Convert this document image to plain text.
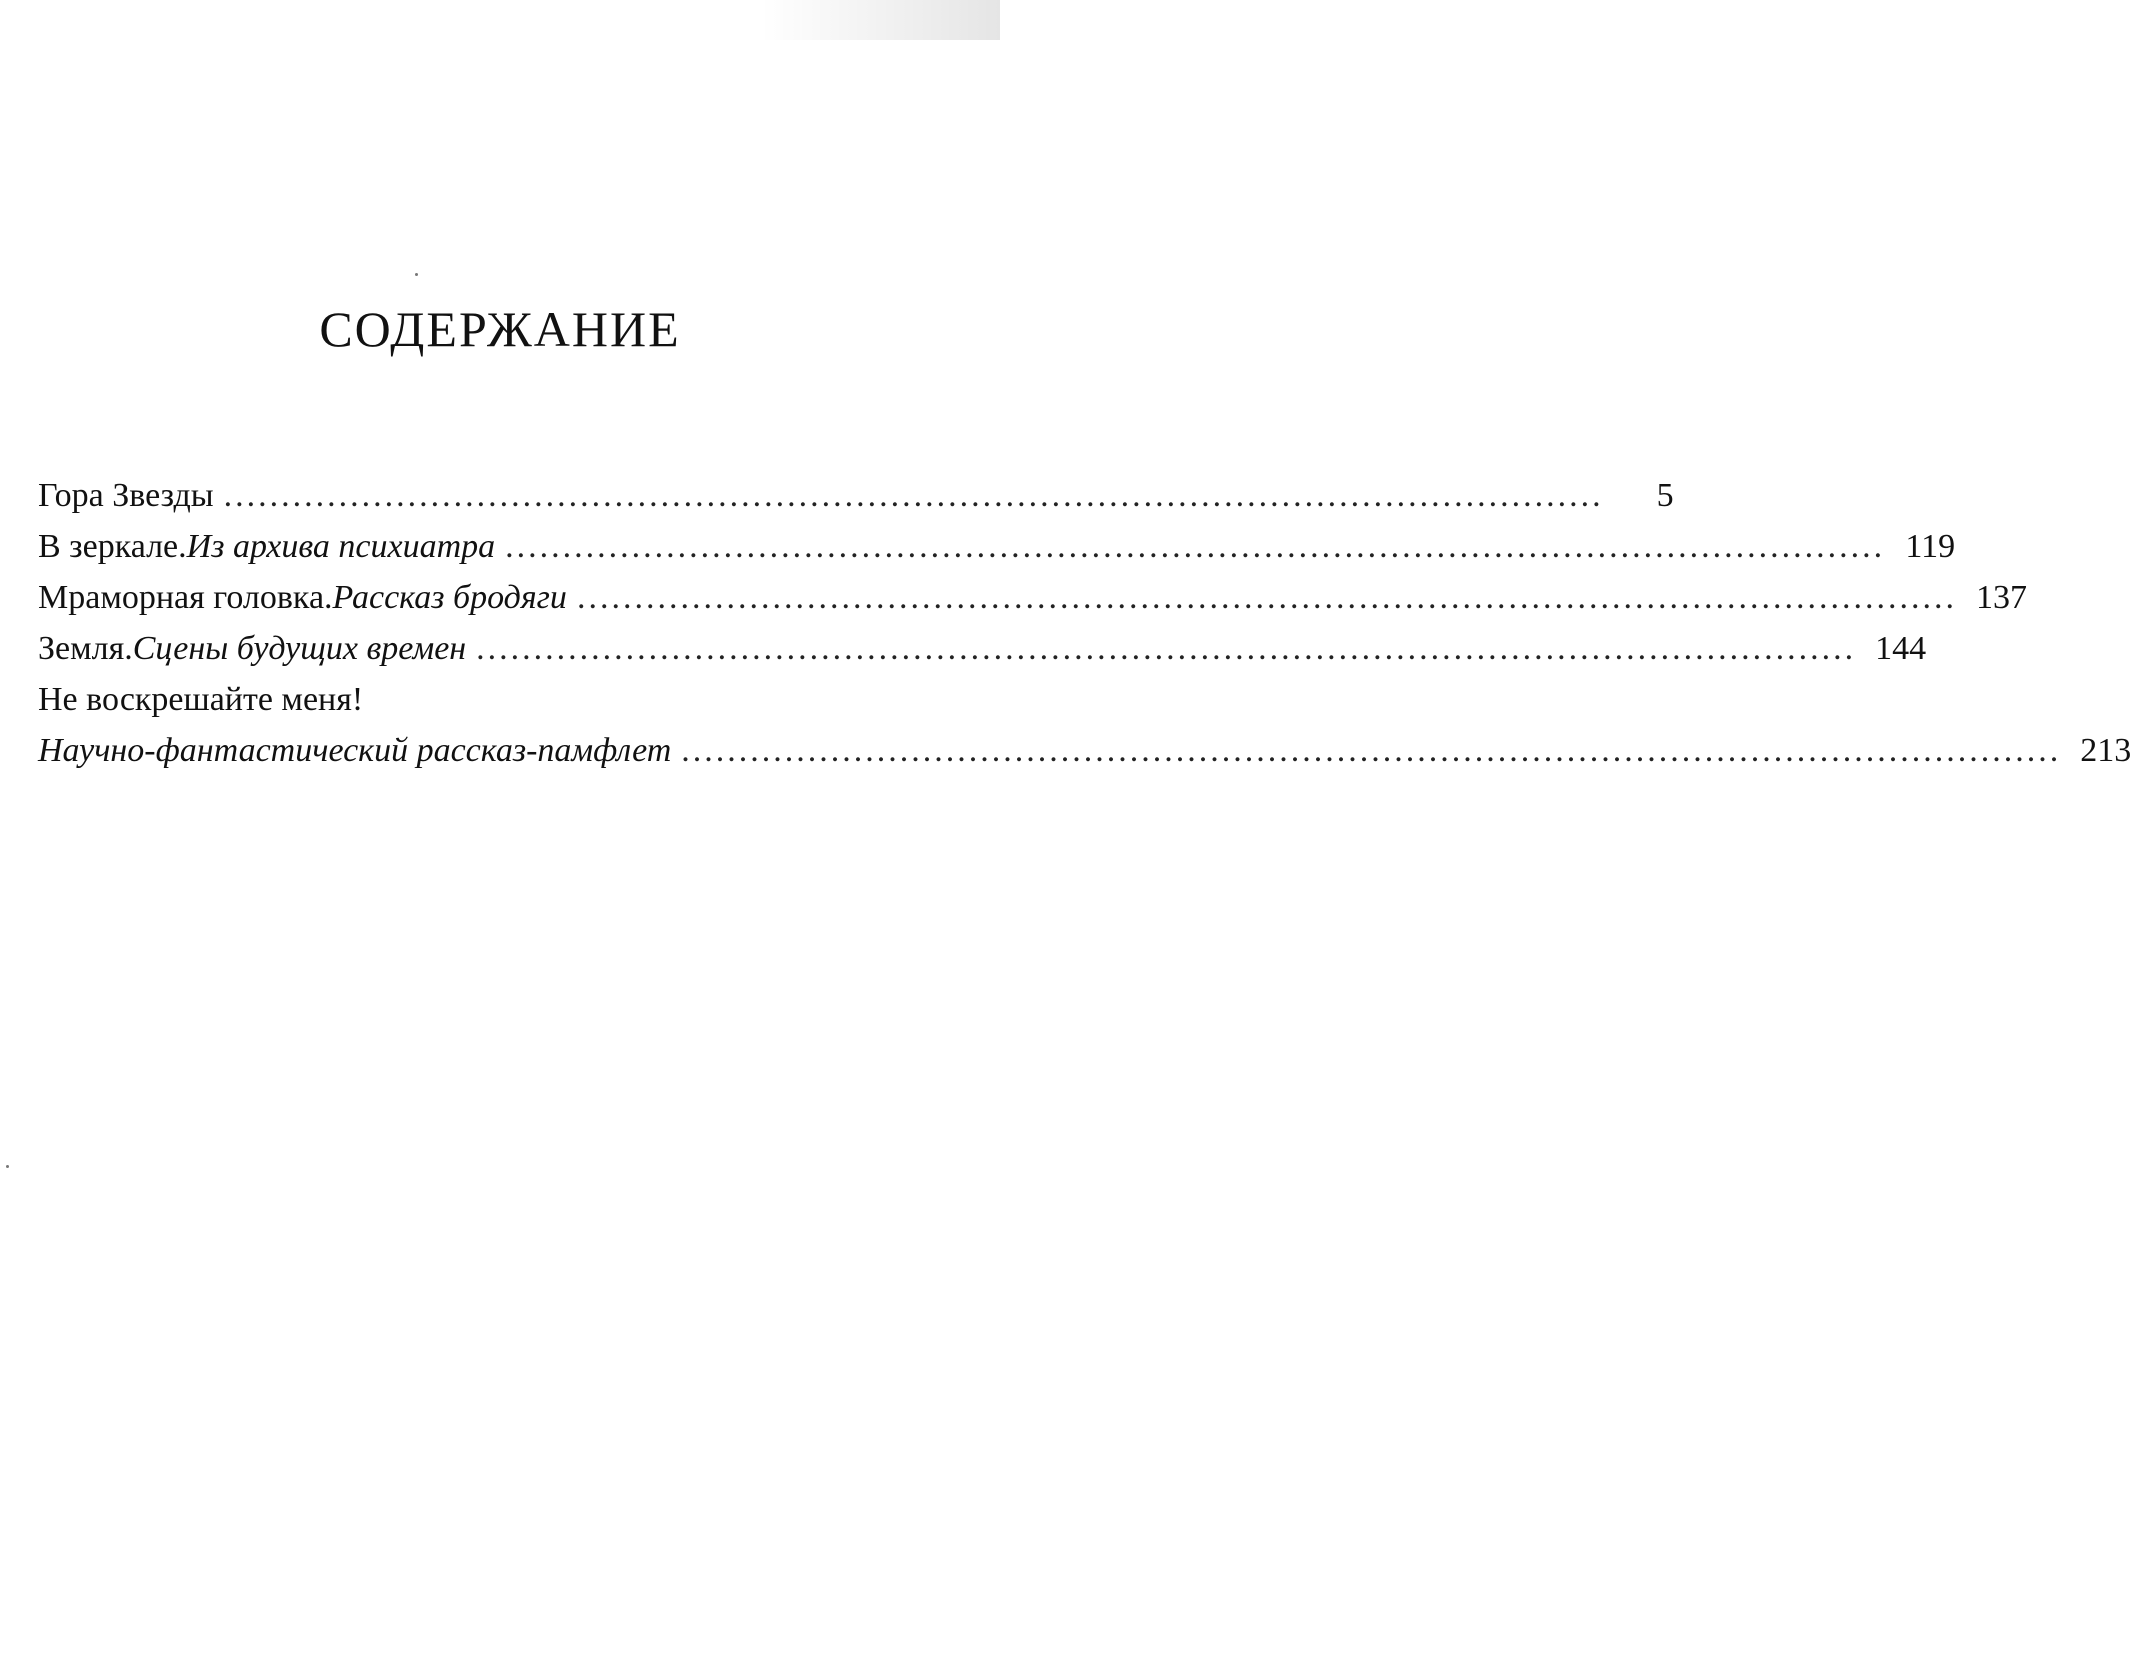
СОДЕРЖАНИЕ
Гора Звезды ........................................................................................................................	5
В зеркале. Из архива психиатра ........................................................................................................................ 119
Мраморная головка. Рассказ бродяги ........................................................................................................................ 137
Земля. Сцены будущих времен ........................................................................................................................ 144
Не воскрешайте меня!
Научно-фантастический рассказ-памфлет ........................................................................................................................ 213
